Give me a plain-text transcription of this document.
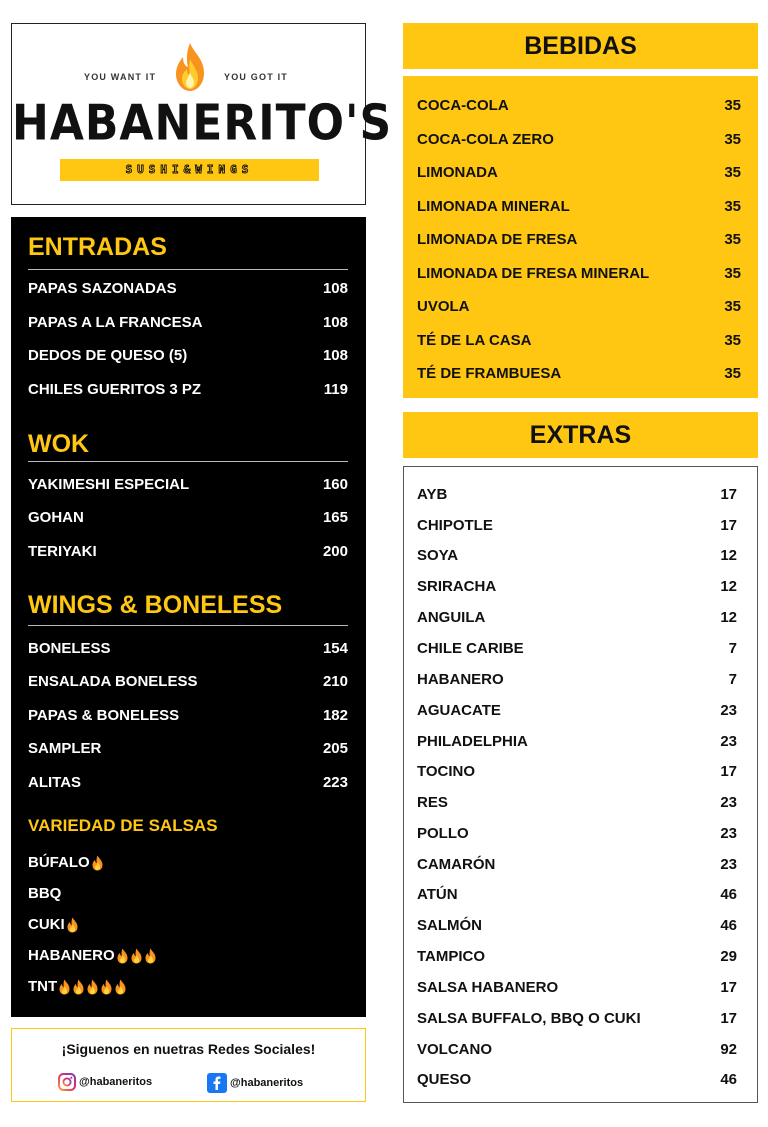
YOU WANT IT	YOU GOT IT
HABANERITO'S
SUSHI&WINGS
ENTRADAS
PAPAS SAZONADAS	108
PAPAS A LA FRANCESA	108
DEDOS DE QUESO (5)	108
CHILES GUERITOS 3 PZ	119
WOK
YAKIMESHI ESPECIAL	160
GOHAN	165
TERIYAKI	200
WINGS & BONELESS
BONELESS	154
ENSALADA BONELESS	210
PAPAS & BONELESS	182
SAMPLER	205
ALITAS	223
VARIEDAD DE SALSAS
BÚFALO
BBQ
CUKI
HABANERO
TNT
¡Siguenos en nuetras Redes Sociales!
@habaneritos	@habaneritos
BEBIDAS
COCA-COLA	35
COCA-COLA ZERO	35
LIMONADA	35
LIMONADA MINERAL	35
LIMONADA DE FRESA	35
LIMONADA DE FRESA MINERAL	35
UVOLA	35
TÉ DE LA CASA	35
TÉ DE FRAMBUESA	35
EXTRAS
AYB	17
CHIPOTLE	17
SOYA	12
SRIRACHA	12
ANGUILA	12
CHILE CARIBE	7
HABANERO	7
AGUACATE	23
PHILADELPHIA	23
TOCINO	17
RES	23
POLLO	23
CAMARÓN	23
ATÚN	46
SALMÓN	46
TAMPICO	29
SALSA HABANERO	17
SALSA BUFFALO, BBQ O CUKI	17
VOLCANO	92
QUESO	46
